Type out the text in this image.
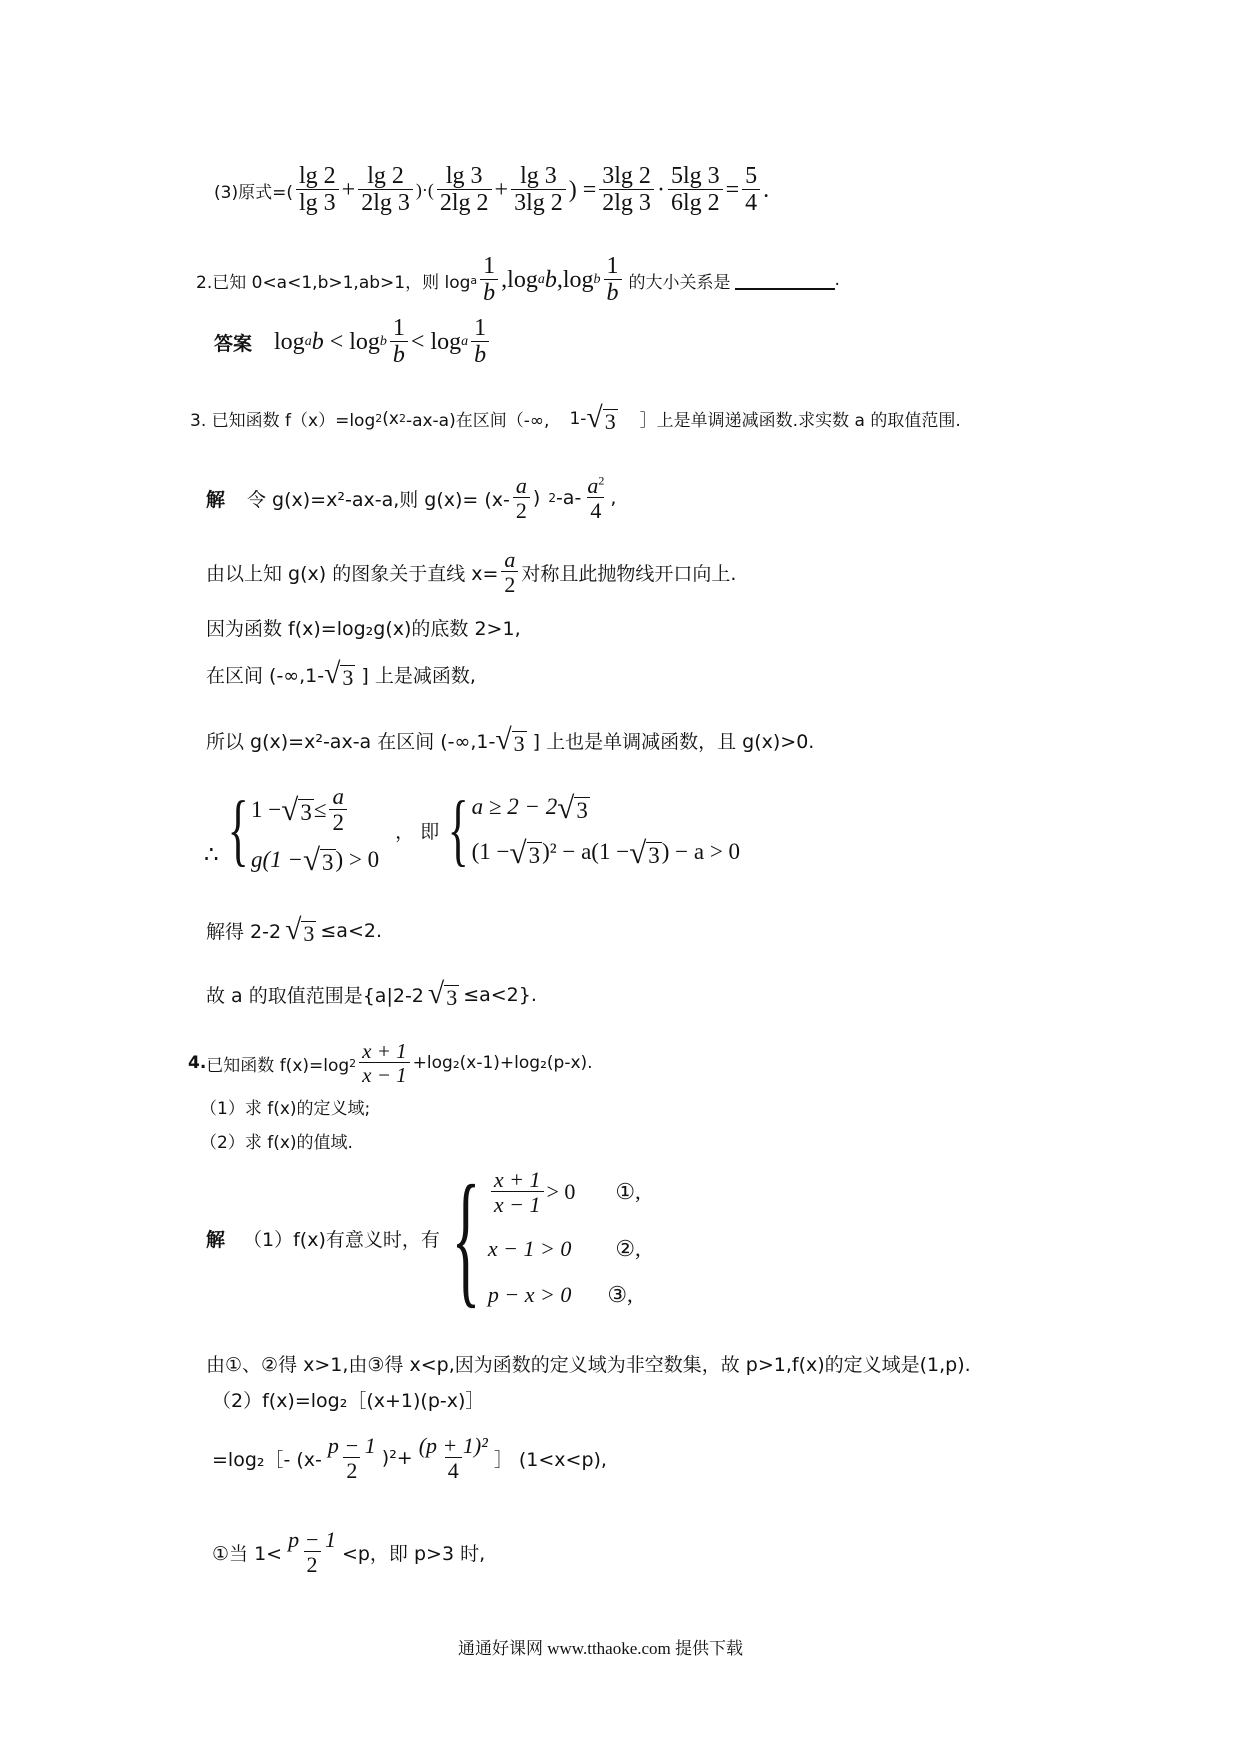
(3)原式=( $\frac{\lg 2}{\lg 3} + \frac{\lg 2}{2\lg 3}$ )·( $\frac{\lg 3}{2\lg 2} + \frac{\lg 3}{3\lg 2}$ ) = $\frac{3\lg 2}{2\lg 3} \cdot \frac{5\lg 3}{6\lg 2} = \frac{5}{4}$ .
2.已知 0<a<1,b>1,ab>1，则 log a $\frac{1}{b}$ , log a b , log b $\frac{1}{b}$ 的大小关系是	.
答案 log a b < log b $\frac{1}{b} < \log a \frac{1}{b}$
3. 已知函数 f（x）=log 2 (x 2 -ax-a)在区间（-∞, 1- √ 3 ］上是单调递减函数.求实数 a 的取值范围.
解 令 g(x)=x²-ax-a,则 $g(x)= (x- \frac{a}{2}$ ) 2 $-a- \frac{a^2}{4}$ ,
由以上知 g(x) 的图象关于直线 $x= \frac{a}{2}$ 对称且此抛物线开口向上.
因为函数 f(x)=log₂g(x)的底数 2>1,
在区间 (-∞,1- √ 3 ] 上是减函数,
所以 g(x)=x²-ax-a 在区间 (-∞,1- √ 3 ] 上也是单调减函数，且 g(x)>0.
∴ { 1 − √ $3 \le \frac{a}{2}$
g(1 − √ 3 ) > 0
， 即 { a ≥ 2 − 2 √ 3
(1 − √ 3 )² − a(1 − √ 3 ) − a > 0
解得 2-2 √ 3 ≤a<2.
故 a 的取值范围是{a|2-2 √ 3 ≤a<2}.
4. 已知函数 f(x)=log $2 \frac{x + 1}{x - 1} +\log_2(x-1)+\log_2(p-x)$.
（1）求 f(x)的定义域;
（2）求 f(x)的值域.
解 （1）f(x)有意义时，有 { $\frac{x + 1}{x - 1} > 0$ ①,
x − 1 > 0 ②,
p − x > 0 ③,
由①、②得 x>1,由③得 x<p,因为函数的定义域为非空数集，故 p>1,f(x)的定义域是(1,p).
（2）f(x)=log₂［(x+1)(p-x)］
=log₂［- $(x- \frac{p - 1}{2} )^2+ \frac{\text{(p + 1)²}}{4}$ ］ (1<x<p),
①当 $1< \frac{p - 1}{2} <p$，即 p>3 时,
通通好课网 www.tthaoke.com 提供下载
